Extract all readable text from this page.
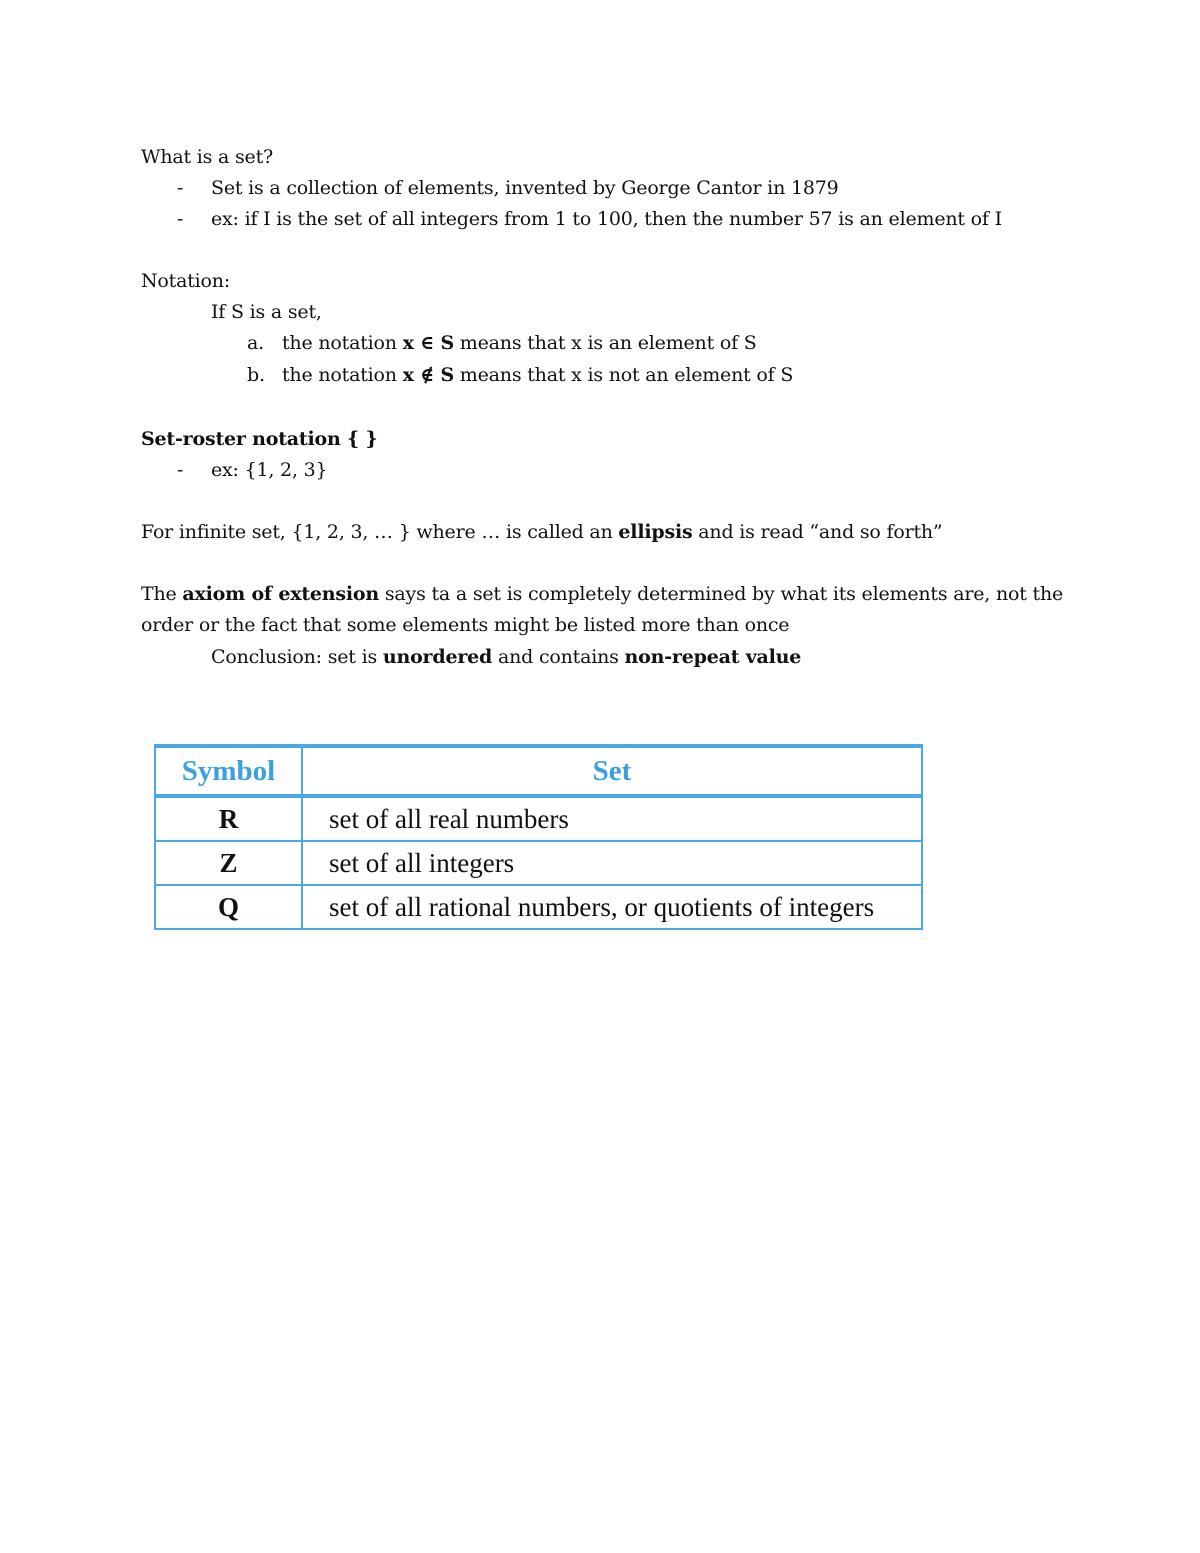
What is a set?
- Set is a collection of elements, invented by George Cantor in 1879
- ex: if I is the set of all integers from 1 to 100, then the number 57 is an element of I
Notation:
If S is a set,
a. the notation x ∈ S means that x is an element of S
b. the notation x ∉ S means that x is not an element of S
Set-roster notation { }
- ex: {1, 2, 3}
For infinite set, {1, 2, 3, … } where … is called an ellipsis and is read “and so forth”
The axiom of extension says ta a set is completely determined by what its elements are, not the
order or the fact that some elements might be listed more than once
Conclusion: set is unordered and contains non-repeat value
Symbol	Set
R	set of all real numbers
Z	set of all integers
Q	set of all rational numbers, or quotients of integers
